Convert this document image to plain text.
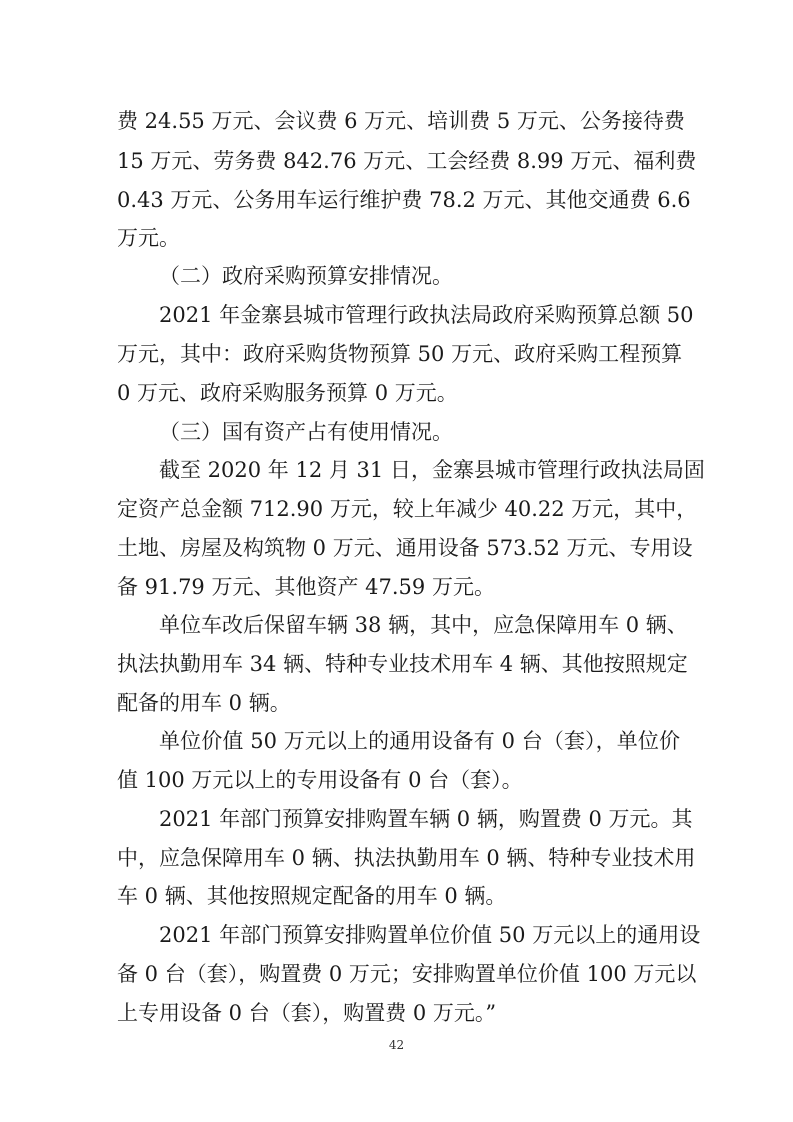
费 24.55 万元、会议费 6 万元、培训费 5 万元、公务接待费
15 万元、劳务费 842.76 万元、工会经费 8.99 万元、福利费
0.43 万元、公务用车运行维护费 78.2 万元、其他交通费 6.6
万元。
（二）政府采购预算安排情况。
2021 年金寨县城市管理行政执法局政府采购预算总额 50
万元，其中：政府采购货物预算 50 万元、政府采购工程预算
0 万元、政府采购服务预算 0 万元。
（三）国有资产占有使用情况。
截至 2020 年 12 月 31 日，金寨县城市管理行政执法局固
定资产总金额 712.90 万元，较上年减少 40.22 万元，其中，
土地、房屋及构筑物 0 万元、通用设备 573.52 万元、专用设
备 91.79 万元、其他资产 47.59 万元。
单位车改后保留车辆 38 辆，其中，应急保障用车 0 辆、
执法执勤用车 34 辆、特种专业技术用车 4 辆、其他按照规定
配备的用车 0 辆。
单位价值 50 万元以上的通用设备有 0 台（套），单位价
值 100 万元以上的专用设备有 0 台（套）。
2021 年部门预算安排购置车辆 0 辆，购置费 0 万元。其
中，应急保障用车 0 辆、执法执勤用车 0 辆、特种专业技术用
车 0 辆、其他按照规定配备的用车 0 辆。
2021 年部门预算安排购置单位价值 50 万元以上的通用设
备 0 台（套），购置费 0 万元；安排购置单位价值 100 万元以
上专用设备 0 台（套），购置费 0 万元。”
42
